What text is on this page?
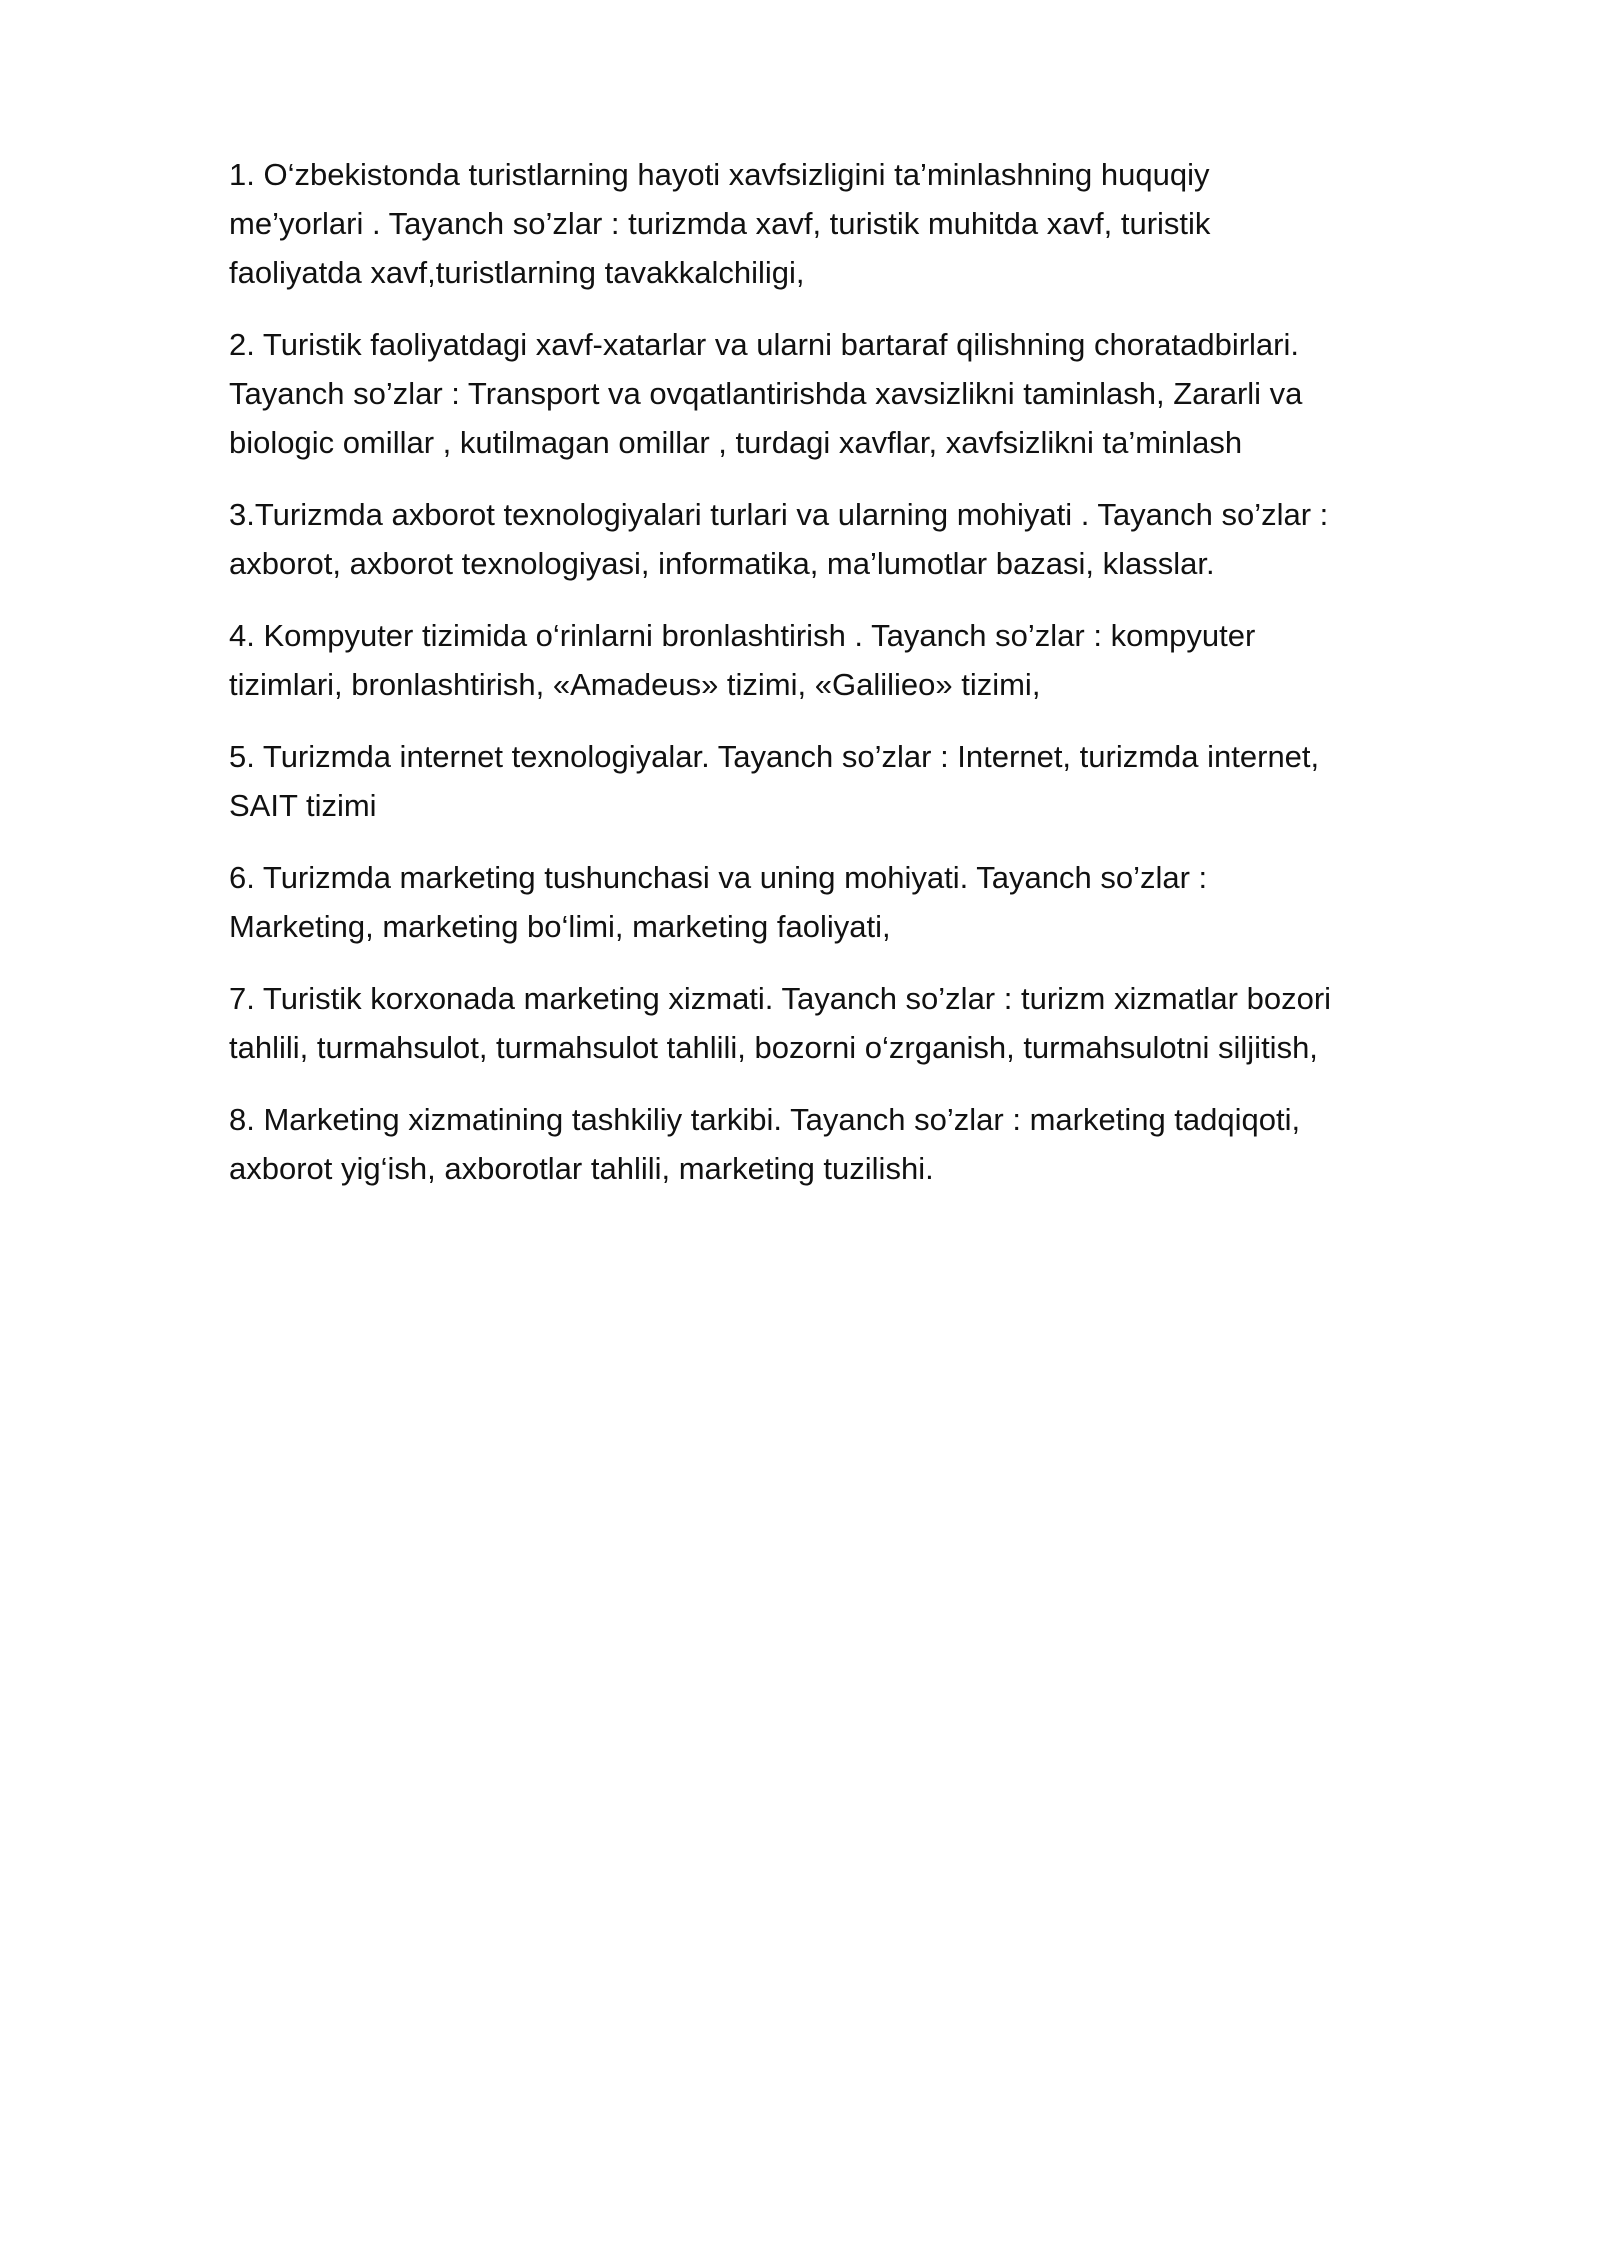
1. O‘zbekistonda turistlarning hayoti xavfsizligini ta’minlashning huquqiy
me’yorlari . Tayanch so’zlar : turizmda xavf, turistik muhitda xavf, turistik
faoliyatda xavf,turistlarning tavakkalchiligi,

2. Turistik faoliyatdagi xavf-xatarlar va ularni bartaraf qilishning choratadbirlari.
Tayanch so’zlar : Transport va ovqatlantirishda xavsizlikni taminlash, Zararli va
biologic omillar , kutilmagan omillar , turdagi xavflar, xavfsizlikni ta’minlash

3.Turizmda axborot texnologiyalari turlari va ularning mohiyati . Tayanch so’zlar :
axborot, axborot texnologiyasi, informatika, ma’lumotlar bazasi, klasslar.

4. Kompyuter tizimida o‘rinlarni bronlashtirish . Tayanch so’zlar : kompyuter
tizimlari, bronlashtirish, «Amadeus» tizimi, «Galilieo» tizimi,

5. Turizmda internet texnologiyalar. Tayanch so’zlar : Internet, turizmda internet,
SAIT tizimi

6. Turizmda marketing tushunchasi va uning mohiyati. Tayanch so’zlar :
Marketing, marketing bo‘limi, marketing faoliyati,

7. Turistik korxonada marketing xizmati. Tayanch so’zlar : turizm xizmatlar bozori
tahlili, turmahsulot, turmahsulot tahlili, bozorni o‘zrganish, turmahsulotni siljitish,

8. Marketing xizmatining tashkiliy tarkibi. Tayanch so’zlar : marketing tadqiqoti,
axborot yig‘ish, axborotlar tahlili, marketing tuzilishi.
